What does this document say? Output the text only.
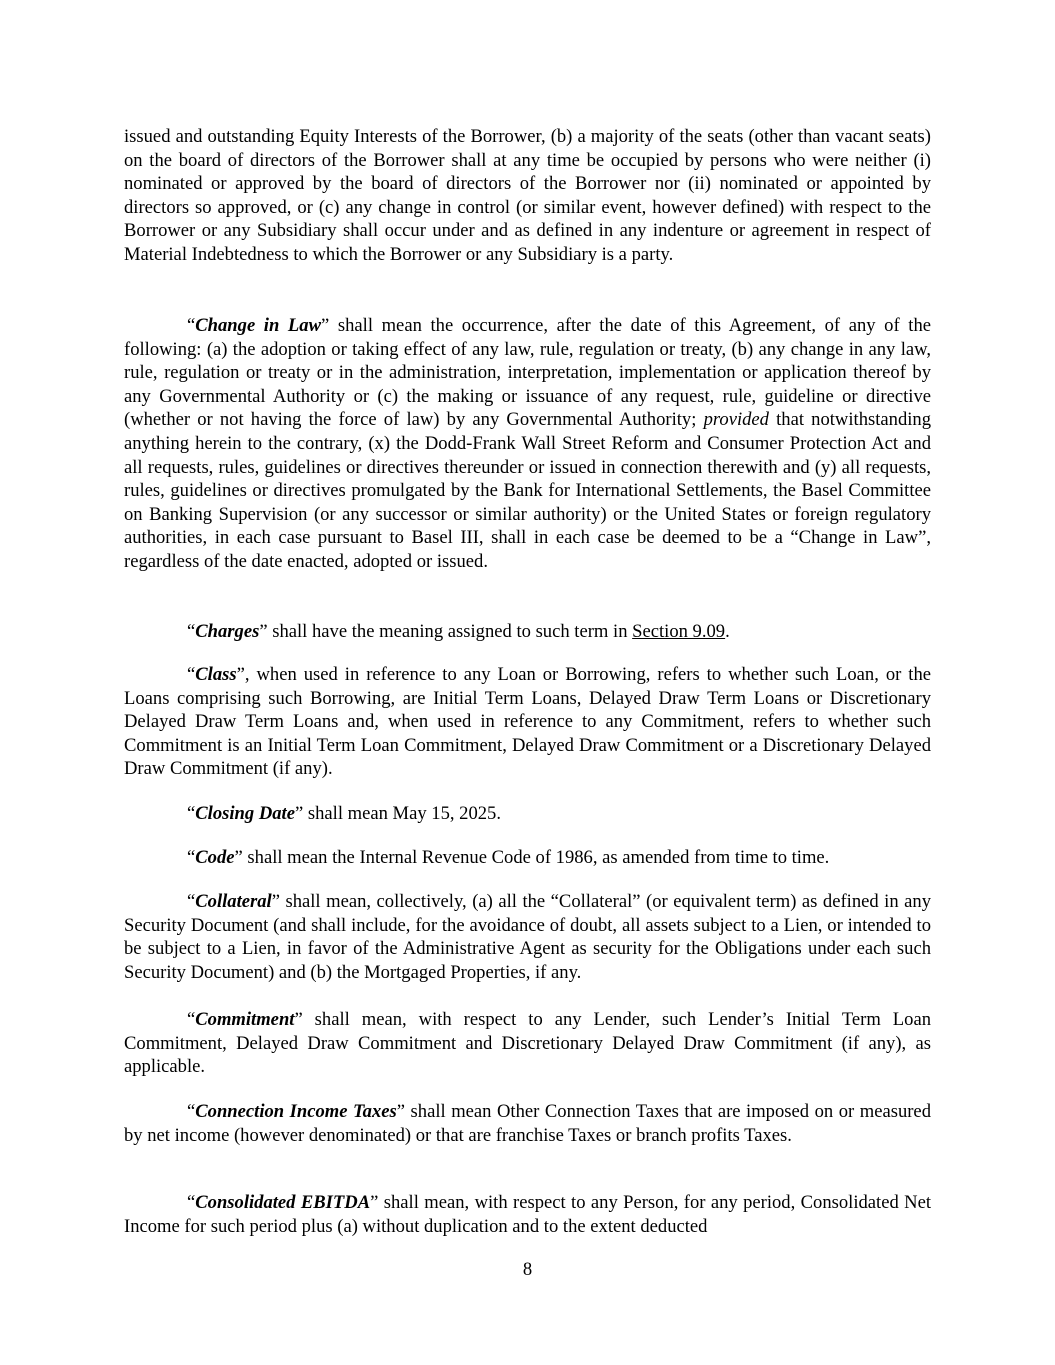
issued and outstanding Equity Interests of the Borrower, (b) a majority of the seats (other than vacant seats) on the board of directors of the Borrower shall at any time be occupied by persons who were neither (i) nominated or approved by the board of directors of the Borrower nor (ii) nominated or appointed by directors so approved, or (c) any change in control (or similar event, however defined) with respect to the Borrower or any Subsidiary shall occur under and as defined in any indenture or agreement in respect of Material Indebtedness to which the Borrower or any Subsidiary is a party.

“Change in Law” shall mean the occurrence, after the date of this Agreement, of any of the following: (a) the adoption or taking effect of any law, rule, regulation or treaty, (b) any change in any law, rule, regulation or treaty or in the administration, interpretation, implementation or application thereof by any Governmental Authority or (c) the making or issuance of any request, rule, guideline or directive (whether or not having the force of law) by any Governmental Authority; provided that notwithstanding anything herein to the contrary, (x) the Dodd-Frank Wall Street Reform and Consumer Protection Act and all requests, rules, guidelines or directives thereunder or issued in connection therewith and (y) all requests, rules, guidelines or directives promulgated by the Bank for International Settlements, the Basel Committee on Banking Supervision (or any successor or similar authority) or the United States or foreign regulatory authorities, in each case pursuant to Basel III, shall in each case be deemed to be a “Change in Law”, regardless of the date enacted, adopted or issued.

“Charges” shall have the meaning assigned to such term in Section 9.09.

“Class”, when used in reference to any Loan or Borrowing, refers to whether such Loan, or the Loans comprising such Borrowing, are Initial Term Loans, Delayed Draw Term Loans or Discretionary Delayed Draw Term Loans and, when used in reference to any Commitment, refers to whether such Commitment is an Initial Term Loan Commitment, Delayed Draw Commitment or a Discretionary Delayed Draw Commitment (if any).

“Closing Date” shall mean May 15, 2025.

“Code” shall mean the Internal Revenue Code of 1986, as amended from time to time.

“Collateral” shall mean, collectively, (a) all the “Collateral” (or equivalent term) as defined in any Security Document (and shall include, for the avoidance of doubt, all assets subject to a Lien, or intended to be subject to a Lien, in favor of the Administrative Agent as security for the Obligations under each such Security Document) and (b) the Mortgaged Properties, if any.

“Commitment” shall mean, with respect to any Lender, such Lender’s Initial Term Loan Commitment, Delayed Draw Commitment and Discretionary Delayed Draw Commitment (if any), as applicable.

“Connection Income Taxes” shall mean Other Connection Taxes that are imposed on or measured by net income (however denominated) or that are franchise Taxes or branch profits Taxes.

“Consolidated EBITDA” shall mean, with respect to any Person, for any period, Consolidated Net Income for such period plus (a) without duplication and to the extent deducted

8
